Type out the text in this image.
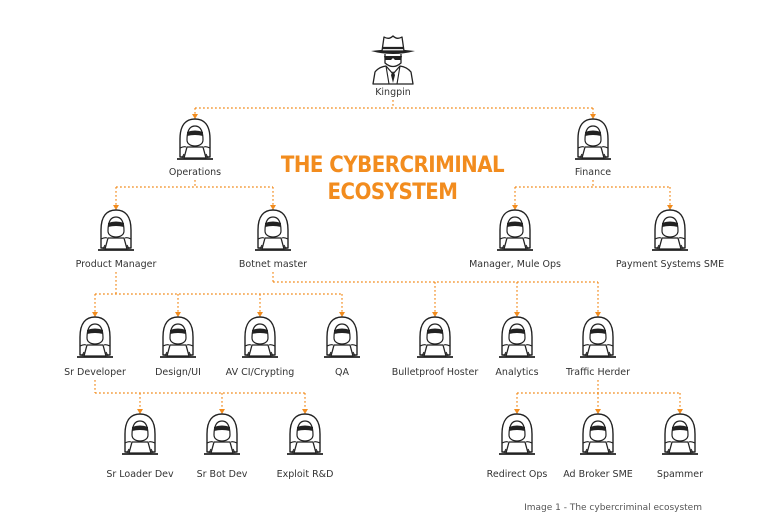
THE CYBERCRIMINAL
ECOSYSTEM
Kingpin
Operations	Finance
Product Manager	Botnet master	Manager, Mule Ops	Payment Systems SME
Sr Developer	Design/UI	AV CI/Crypting	QA	Bulletproof Hoster	Analytics	Traffic Herder
Sr Loader Dev	Sr Bot Dev	Exploit R&D	Redirect Ops	Ad Broker SME	Spammer
Image 1 - The cybercriminal ecosystem
